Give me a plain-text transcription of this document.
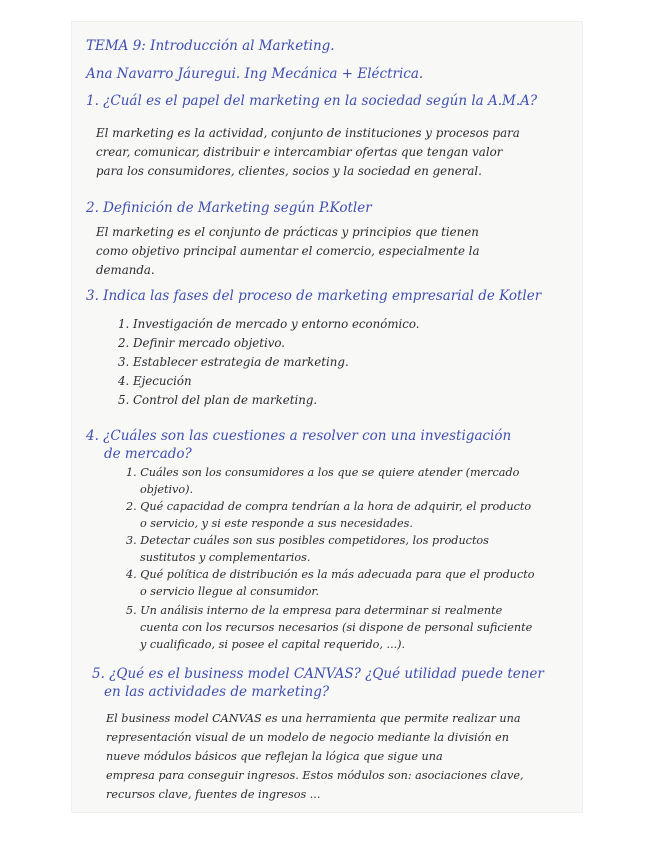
TEMA 9: Introducción al Marketing.
Ana Navarro Jáuregui. Ing Mecánica + Eléctrica.
1. ¿Cuál es el papel del marketing en la sociedad según la A.M.A?
El marketing es la actividad, conjunto de instituciones y procesos para
crear, comunicar, distribuir e intercambiar ofertas que tengan valor
para los consumidores, clientes, socios y la sociedad en general.
2. Definición de Marketing según P.Kotler
El marketing es el conjunto de prácticas y principios que tienen
como objetivo principal aumentar el comercio, especialmente la
demanda.
3. Indica las fases del proceso de marketing empresarial de Kotler
1. Investigación de mercado y entorno económico.
2. Definir mercado objetivo.
3. Establecer estrategia de marketing.
4. Ejecución
5. Control del plan de marketing.
4. ¿Cuáles son las cuestiones a resolver con una investigación
de mercado?
1. Cuáles son los consumidores a los que se quiere atender (mercado
objetivo).
2. Qué capacidad de compra tendrían a la hora de adquirir, el producto
o servicio, y si este responde a sus necesidades.
3. Detectar cuáles son sus posibles competidores, los productos
sustitutos y complementarios.
4. Qué política de distribución es la más adecuada para que el producto
o servicio llegue al consumidor.
5. Un análisis interno de la empresa para determinar si realmente
cuenta con los recursos necesarios (si dispone de personal suficiente
y cualificado, si posee el capital requerido, ...).
5. ¿Qué es el business model CANVAS? ¿Qué utilidad puede tener
en las actividades de marketing?
El business model CANVAS es una herramienta que permite realizar una
representación visual de un modelo de negocio mediante la división en
nueve módulos básicos que reflejan la lógica que sigue una
empresa para conseguir ingresos. Estos módulos son: asociaciones clave,
recursos clave, fuentes de ingresos ...
